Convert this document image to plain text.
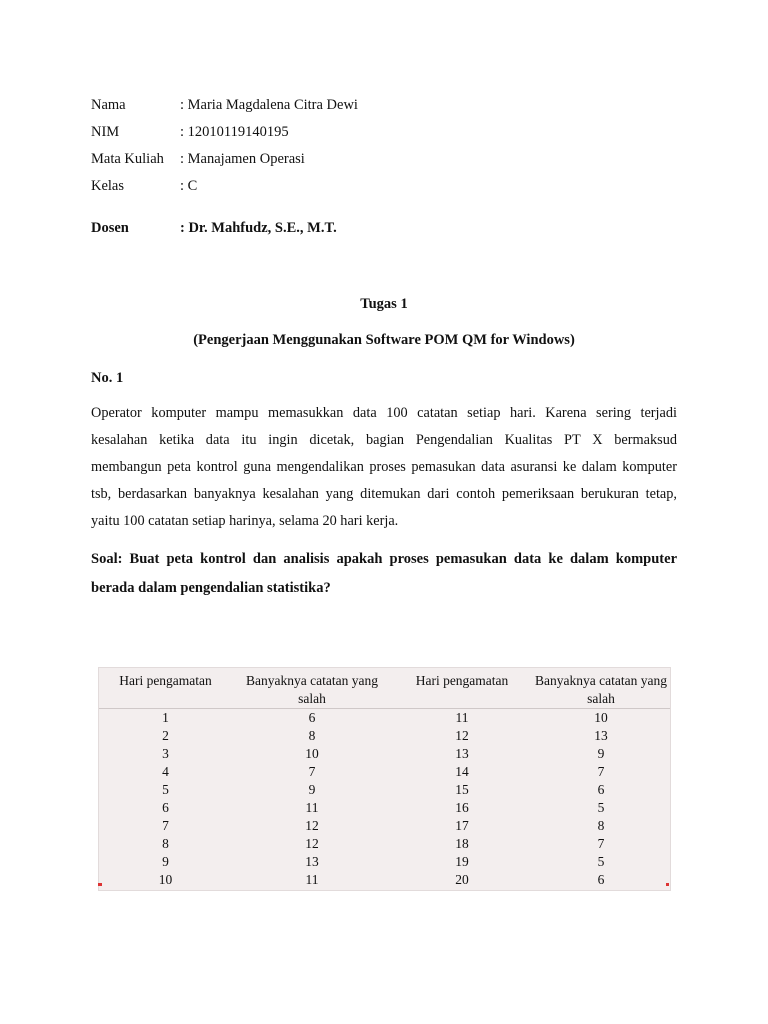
Nama	: Maria Magdalena Citra Dewi
NIM	: 12010119140195
Mata Kuliah	: Manajamen Operasi
Kelas	: C
Dosen	: Dr. Mahfudz, S.E., M.T.
Tugas 1
(Pengerjaan Menggunakan Software POM QM for Windows)
No. 1
Operator komputer mampu memasukkan data 100 catatan setiap hari. Karena sering terjadi
kesalahan ketika data itu ingin dicetak, bagian Pengendalian Kualitas PT X bermaksud
membangun peta kontrol guna mengendalikan proses pemasukan data asuransi ke dalam komputer
tsb, berdasarkan banyaknya kesalahan yang ditemukan dari contoh pemeriksaan berukuran tetap,
yaitu 100 catatan setiap harinya, selama 20 hari kerja.
Soal: Buat peta kontrol dan analisis apakah proses pemasukan data ke dalam komputer
berada dalam pengendalian statistika?
Hari pengamatan	Banyaknya catatan yang salah	Hari pengamatan	Banyaknya catatan yang salah
1	6	11	10
2	8	12	13
3	10	13	9
4	7	14	7
5	9	15	6
6	11	16	5
7	12	17	8
8	12	18	7
9	13	19	5
10	11	20	6
